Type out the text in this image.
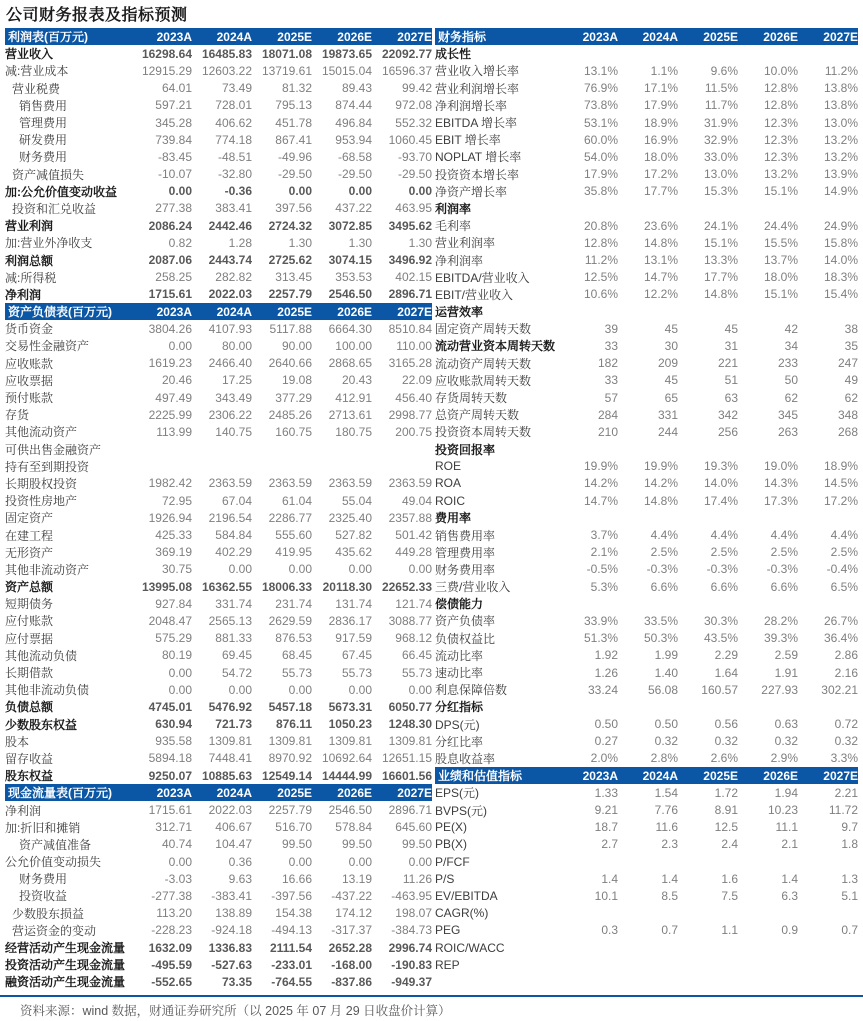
公司财务报表及指标预测
利润表(百万元)	2023A	2024A	2025E	2026E	2027E
营业收入	16298.64 16485.83 18071.08 19873.65 22092.77
减:营业成本	12915.29 12603.22 13719.61 15015.04 16596.37
营业税费	64.01	73.49	81.32	89.43	99.42
销售费用	597.21	728.01	795.13	874.44	972.08
管理费用	345.28	406.62	451.78	496.84	552.32
研发费用	739.84	774.18	867.41	953.94	1060.45
财务费用	-83.45	-48.51	-49.96	-68.58	-93.70
资产减值损失	-10.07	-32.80	-29.50	-29.50	-29.50
加:公允价值变动收益	0.00	-0.36	0.00	0.00	0.00
投资和汇兑收益	277.38	383.41	397.56	437.22	463.95
营业利润	2086.24	2442.46	2724.32	3072.85	3495.62
加:营业外净收支	0.82	1.28	1.30	1.30	1.30
利润总额	2087.06	2443.74	2725.62	3074.15	3496.92
减:所得税	258.25	282.82	313.45	353.53	402.15
净利润	1715.61	2022.03	2257.79	2546.50	2896.71
资产负债表(百万元)	2023A	2024A	2025E	2026E	2027E
货币资金	3804.26	4107.93	5117.88	6664.30	8510.84
交易性金融资产	0.00	80.00	90.00	100.00	110.00
应收账款	1619.23	2466.40	2640.66	2868.65	3165.28
应收票据	20.46	17.25	19.08	20.43	22.09
预付账款	497.49	343.49	377.29	412.91	456.40
存货	2225.99	2306.22	2485.26	2713.61	2998.77
其他流动资产	113.99	140.75	160.75	180.75	200.75
可供出售金融资产
持有至到期投资
长期股权投资	1982.42	2363.59	2363.59	2363.59	2363.59
投资性房地产	72.95	67.04	61.04	55.04	49.04
固定资产	1926.94	2196.54	2286.77	2325.40	2357.88
在建工程	425.33	584.84	555.60	527.82	501.42
无形资产	369.19	402.29	419.95	435.62	449.28
其他非流动资产	30.75	0.00	0.00	0.00	0.00
资产总额	13995.08 16362.55 18006.33 20118.30 22652.33
短期债务	927.84	331.74	231.74	131.74	121.74
应付账款	2048.47	2565.13	2629.59	2836.17	3088.77
应付票据	575.29	881.33	876.53	917.59	968.12
其他流动负债	80.19	69.45	68.45	67.45	66.45
长期借款	0.00	54.72	55.73	55.73	55.73
其他非流动负债	0.00	0.00	0.00	0.00	0.00
负债总额	4745.01	5476.92	5457.18	5673.31	6050.77
少数股东权益	630.94	721.73	876.11	1050.23	1248.30
股本	935.58	1309.81	1309.81	1309.81	1309.81
留存收益	5894.18	7448.41	8970.92 10692.64 12651.15
股东权益	9250.07 10885.63 12549.14 14444.99 16601.56
现金流量表(百万元)	2023A	2024A	2025E	2026E	2027E
净利润	1715.61	2022.03	2257.79	2546.50	2896.71
加:折旧和摊销	312.71	406.67	516.70	578.84	645.60
资产减值准备	40.74	104.47	99.50	99.50	99.50
公允价值变动损失	0.00	0.36	0.00	0.00	0.00
财务费用	-3.03	9.63	16.66	13.19	11.26
投资收益	-277.38	-383.41	-397.56	-437.22	-463.95
少数股东损益	113.20	138.89	154.38	174.12	198.07
营运资金的变动	-228.23	-924.18	-494.13	-317.37	-384.73
经营活动产生现金流量	1632.09	1336.83	2111.54	2652.28	2996.74
投资活动产生现金流量	-495.59	-527.63	-233.01	-168.00	-190.83
融资活动产生现金流量	-552.65	73.35	-764.55	-837.86	-949.37
财务指标	2023A	2024A	2025E	2026E	2027E
成长性
营业收入增长率	13.1%	1.1%	9.6%	10.0%	11.2%
营业利润增长率	76.9%	17.1%	11.5%	12.8%	13.8%
净利润增长率	73.8%	17.9%	11.7%	12.8%	13.8%
EBITDA 增长率	53.1%	18.9%	31.9%	12.3%	13.0%
EBIT 增长率	60.0%	16.9%	32.9%	12.3%	13.2%
NOPLAT 增长率	54.0%	18.0%	33.0%	12.3%	13.2%
投资资本增长率	17.9%	17.2%	13.0%	13.2%	13.9%
净资产增长率	35.8%	17.7%	15.3%	15.1%	14.9%
利润率
毛利率	20.8%	23.6%	24.1%	24.4%	24.9%
营业利润率	12.8%	14.8%	15.1%	15.5%	15.8%
净利润率	11.2%	13.1%	13.3%	13.7%	14.0%
EBITDA/营业收入	12.5%	14.7%	17.7%	18.0%	18.3%
EBIT/营业收入	10.6%	12.2%	14.8%	15.1%	15.4%
运营效率
固定资产周转天数	39	45	45	42	38
流动营业资本周转天数	33	30	31	34	35
流动资产周转天数	182	209	221	233	247
应收账款周转天数	33	45	51	50	49
存货周转天数	57	65	63	62	62
总资产周转天数	284	331	342	345	348
投资资本周转天数	210	244	256	263	268
投资回报率
ROE	19.9%	19.9%	19.3%	19.0%	18.9%
ROA	14.2%	14.2%	14.0%	14.3%	14.5%
ROIC	14.7%	14.8%	17.4%	17.3%	17.2%
费用率
销售费用率	3.7%	4.4%	4.4%	4.4%	4.4%
管理费用率	2.1%	2.5%	2.5%	2.5%	2.5%
财务费用率	-0.5%	-0.3%	-0.3%	-0.3%	-0.4%
三费/营业收入	5.3%	6.6%	6.6%	6.6%	6.5%
偿债能力
资产负债率	33.9%	33.5%	30.3%	28.2%	26.7%
负债权益比	51.3%	50.3%	43.5%	39.3%	36.4%
流动比率	1.92	1.99	2.29	2.59	2.86
速动比率	1.26	1.40	1.64	1.91	2.16
利息保障倍数	33.24	56.08	160.57	227.93	302.21
分红指标
DPS(元)	0.50	0.50	0.56	0.63	0.72
分红比率	0.27	0.32	0.32	0.32	0.32
股息收益率	2.0%	2.8%	2.6%	2.9%	3.3%
业绩和估值指标	2023A	2024A	2025E	2026E	2027E
EPS(元)	1.33	1.54	1.72	1.94	2.21
BVPS(元)	9.21	7.76	8.91	10.23	11.72
PE(X)	18.7	11.6	12.5	11.1	9.7
PB(X)	2.7	2.3	2.4	2.1	1.8
P/FCF
P/S	1.4	1.4	1.6	1.4	1.3
EV/EBITDA	10.1	8.5	7.5	6.3	5.1
CAGR(%)
PEG	0.3	0.7	1.1	0.9	0.7
ROIC/WACC
REP
资料来源：wind 数据，财通证券研究所（以 2025 年 07 月 29 日收盘价计算）
